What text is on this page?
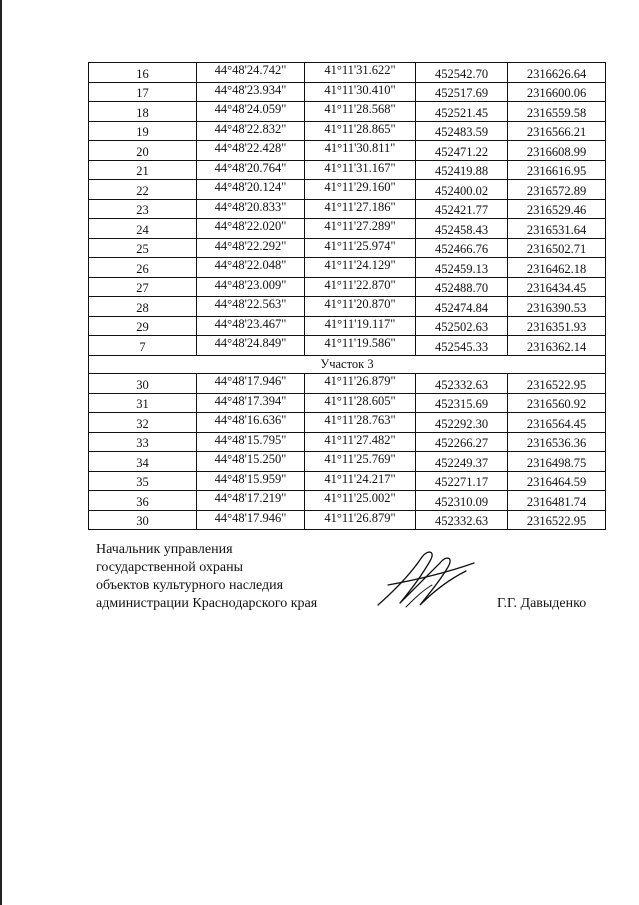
16	44°48'24.742"	41°11'31.622"	452542.70	2316626.64
17	44°48'23.934"	41°11'30.410"	452517.69	2316600.06
18	44°48'24.059"	41°11'28.568"	452521.45	2316559.58
19	44°48'22.832"	41°11'28.865"	452483.59	2316566.21
20	44°48'22.428"	41°11'30.811"	452471.22	2316608.99
21	44°48'20.764"	41°11'31.167"	452419.88	2316616.95
22	44°48'20.124"	41°11'29.160"	452400.02	2316572.89
23	44°48'20.833"	41°11'27.186"	452421.77	2316529.46
24	44°48'22.020"	41°11'27.289"	452458.43	2316531.64
25	44°48'22.292"	41°11'25.974"	452466.76	2316502.71
26	44°48'22.048"	41°11'24.129"	452459.13	2316462.18
27	44°48'23.009"	41°11'22.870"	452488.70	2316434.45
28	44°48'22.563"	41°11'20.870"	452474.84	2316390.53
29	44°48'23.467"	41°11'19.117"	452502.63	2316351.93
7	44°48'24.849"	41°11'19.586"	452545.33	2316362.14
Участок 3				
30	44°48'17.946"	41°11'26.879"	452332.63	2316522.95
31	44°48'17.394"	41°11'28.605"	452315.69	2316560.92
32	44°48'16.636"	41°11'28.763"	452292.30	2316564.45
33	44°48'15.795"	41°11'27.482"	452266.27	2316536.36
34	44°48'15.250"	41°11'25.769"	452249.37	2316498.75
35	44°48'15.959"	41°11'24.217"	452271.17	2316464.59
36	44°48'17.219"	41°11'25.002"	452310.09	2316481.74
30	44°48'17.946"	41°11'26.879"	452332.63	2316522.95
Начальник управления
государственной охраны
объектов культурного наследия
администрации Краснодарского края	Г.Г. Давыденко
